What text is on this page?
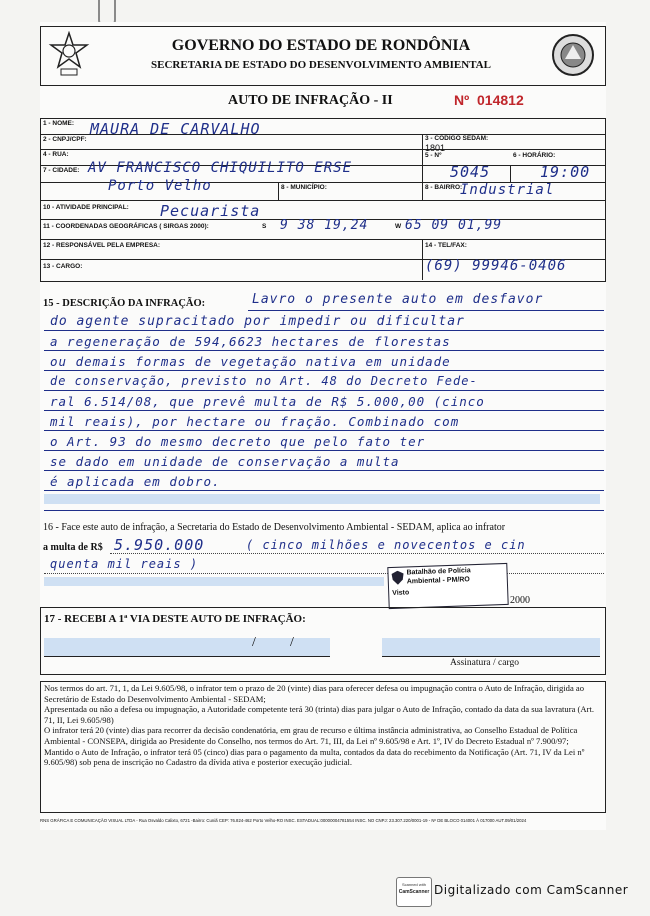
GOVERNO DO ESTADO DE RONDÔNIA
SECRETARIA DE ESTADO DO DESENVOLVIMENTO AMBIENTAL
AUTO DE INFRAÇÃO - II	Nº 014812
1 - NOME: MAURA DE CARVALHO
2 - CNPJ/CPF:	3 - CÓDIGO SEDAM:
1801
4 - RUA:
AV FRANCISCO CHIQUILITO ERSE
5 - Nº
5045
6 - HORÁRIO:
19:00
7 - CIDADE:
Porto Velho	8 - MUNICÍPIO:	8 - BAIRRO:
Industrial
10 - ATIVIDADE PRINCIPAL: Pecuarista
11 - COORDENADAS GEOGRÁFICAS ( SIRGAS 2000):	S 9 38 19,24	W 65 09 01,99
12 - RESPONSÁVEL PELA EMPRESA:	14 - TEL/FAX:
(69) 99946-0406
13 - CARGO:
15 - DESCRIÇÃO DA INFRAÇÃO:	Lavro o presente auto em desfavor
do agente supracitado por impedir ou dificultar
a regeneração de 594,6623 hectares de florestas
ou demais formas de vegetação nativa em unidade
de conservação, previsto no Art. 48 do Decreto Fede-
ral 6.514/08, que prevê multa de R$ 5.000,00 (cinco
mil reais), por hectare ou fração. Combinado com
o Art. 93 do mesmo decreto que pelo fato ter
se dado em unidade de conservação a multa
é aplicada em dobro.
16 - Face este auto de infração, a Secretaria do Estado de Desenvolvimento Ambiental - SEDAM, aplica ao infrator
a multa de R$ 5.950.000	( cinco milhões e novecentos e cin
quenta mil reais )
Batalhão de Polícia
Ambiental - PM/RO
Visto
2000
17 - RECEBI A 1ª VIA DESTE AUTO DE INFRAÇÃO:
/ /
Assinatura / cargo
Nos termos do art. 71, 1, da Lei 9.605/98, o infrator tem o prazo de 20 (vinte) dias para oferecer defesa ou impugnação contra o Auto de Infração, dirigida ao Secretário de Estado do Desenvolvimento Ambiental - SEDAM;
Apresentada ou não a defesa ou impugnação, a Autoridade competente terá 30 (trinta) dias para julgar o Auto de Infração, contado da data da sua lavratura (Art. 71, II, Lei 9.605/98)
O infrator terá 20 (vinte) dias para recorrer da decisão condenatória, em grau de recurso e última instância administrativa, ao Conselho Estadual de Política Ambiental - CONSEPA, dirigida ao Presidente do Conselho, nos termos do Art. 71, III, da Lei nº 9.605/98 e Art. 1º, IV do Decreto Estadual nº 7.900/97;
Mantido o Auto de Infração, o infrator terá 05 (cinco) dias para o pagamento da multa, contados da data do recebimento da Notificação (Art. 71, IV da Lei nº 9.605/98) sob pena de inscrição no Cadastro da dívida ativa e posterior execução judicial.
RNS GRÁFICA E COMUNICAÇÃO VISUAL LTDA - Rua Osvaldo Calixto, 6721 -Bairro: Cuniã CEP: 76.824-462 Porto Velho-RO INSC. ESTADUAL:00000004781554 INSC. NO CNPJ: 23.307.220/0001-19 - Nº DE BLOCO 014001 À 017000 AUT.09/01/2024
Scanned with
CamScanner Digitalizado com CamScanner
